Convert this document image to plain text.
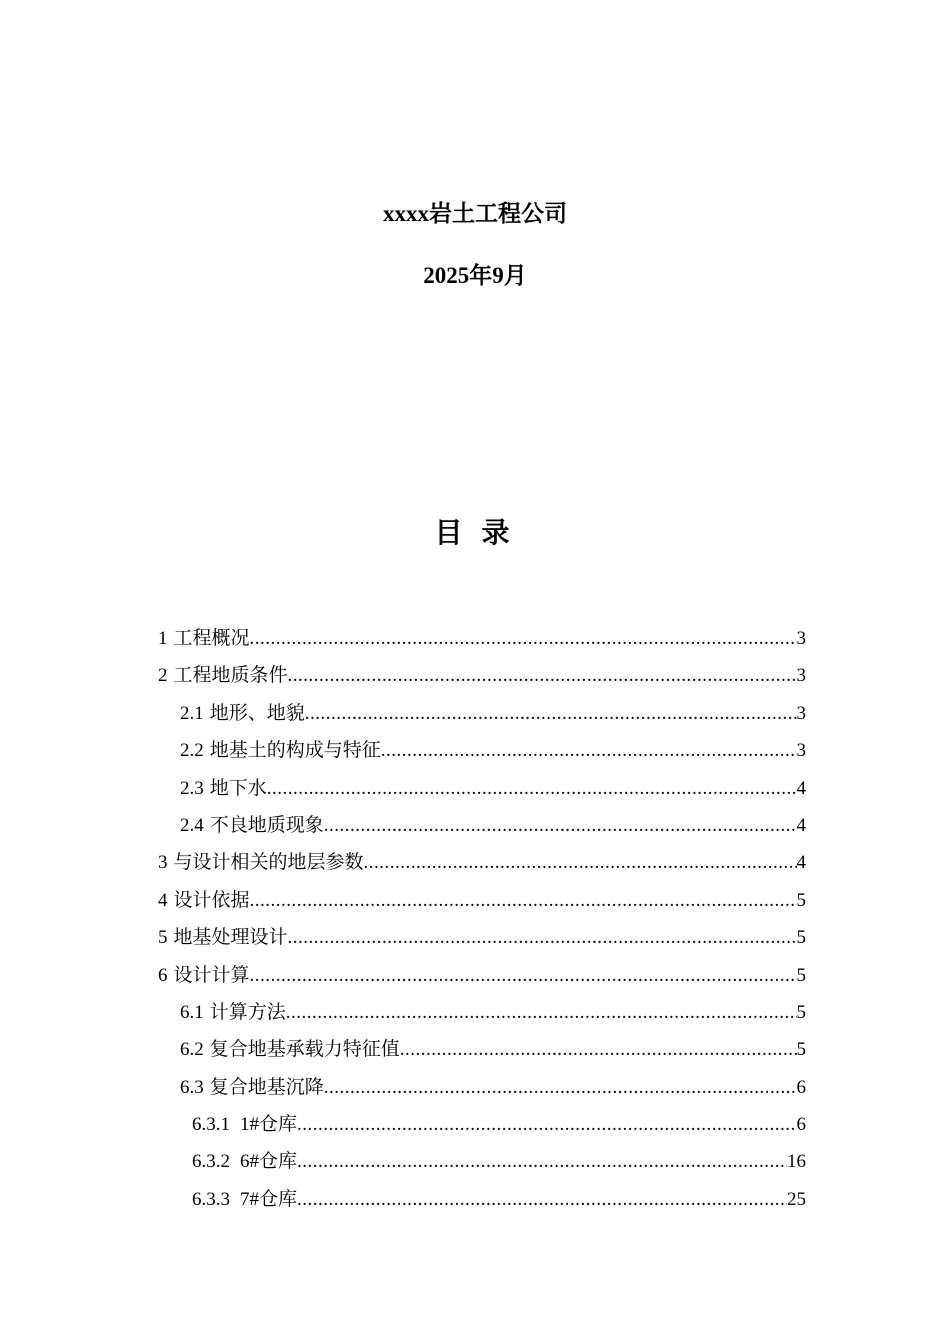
xxxx岩土工程公司
2025年9月
目 录
1 工程概况 .....	3
2 工程地质条件 .....	3
2.1 地形、地貌 .....	3
2.2 地基土的构成与特征 .....	3
2.3 地下水 .....	4
2.4 不良地质现象 .....	4
3 与设计相关的地层参数 .....	4
4 设计依据 .....	5
5 地基处理设计 .....	5
6 设计计算 .....	5
6.1 计算方法 .....	5
6.2 复合地基承载力特征值 .....	5
6.3 复合地基沉降 .....	6
6.3.1 1#仓库 .....	6
6.3.2 6#仓库 .....	16
6.3.3 7#仓库 .....	25
